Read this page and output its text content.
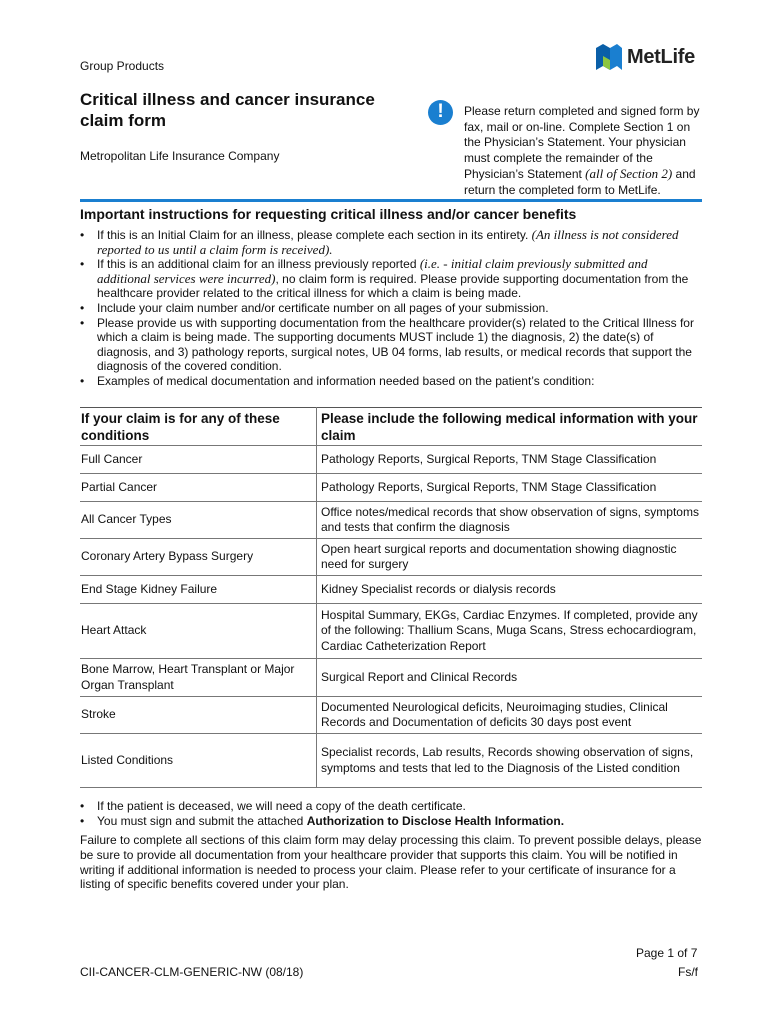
Group Products	MetLife
Critical illness and cancer insurance claim form
Metropolitan Life Insurance Company
!	Please return completed and signed form by fax, mail or on-line. Complete Section 1 on the Physician’s Statement. Your physician must complete the remainder of the Physician’s Statement (all of Section 2) and return the completed form to MetLife.
Important instructions for requesting critical illness and/or cancer benefits
• If this is an Initial Claim for an illness, please complete each section in its entirety. (An illness is not considered reported to us until a claim form is received).
• If this is an additional claim for an illness previously reported (i.e. - initial claim previously submitted and additional services were incurred), no claim form is required. Please provide supporting documentation from the healthcare provider related to the critical illness for which a claim is being made.
• Include your claim number and/or certificate number on all pages of your submission.
• Please provide us with supporting documentation from the healthcare provider(s) related to the Critical Illness for which a claim is being made. The supporting documents MUST include 1) the diagnosis, 2) the date(s) of diagnosis, and 3) pathology reports, surgical notes, UB 04 forms, lab results, or medical records that support the diagnosis of the covered condition.
• Examples of medical documentation and information needed based on the patient’s condition:
If your claim is for any of these conditions	Please include the following medical information with your claim
Full Cancer	Pathology Reports, Surgical Reports, TNM Stage Classification
Partial Cancer	Pathology Reports, Surgical Reports, TNM Stage Classification
All Cancer Types	Office notes/medical records that show observation of signs, symptoms and tests that confirm the diagnosis
Coronary Artery Bypass Surgery	Open heart surgical reports and documentation showing diagnostic need for surgery
End Stage Kidney Failure	Kidney Specialist records or dialysis records
Heart Attack	Hospital Summary, EKGs, Cardiac Enzymes. If completed, provide any of the following: Thallium Scans, Muga Scans, Stress echocardiogram, Cardiac Catheterization Report
Bone Marrow, Heart Transplant or Major Organ Transplant	Surgical Report and Clinical Records
Stroke	Documented Neurological deficits, Neuroimaging studies, Clinical Records and Documentation of deficits 30 days post event
Listed Conditions	Specialist records, Lab results, Records showing observation of signs, symptoms and tests that led to the Diagnosis of the Listed condition
• If the patient is deceased, we will need a copy of the death certificate.
• You must sign and submit the attached Authorization to Disclose Health Information.
Failure to complete all sections of this claim form may delay processing this claim. To prevent possible delays, please be sure to provide all documentation from your healthcare provider that supports this claim. You will be notified in writing if additional information is needed to process your claim. Please refer to your certificate of insurance for a listing of specific benefits covered under your plan.
Page 1 of 7
CII-CANCER-CLM-GENERIC-NW (08/18)	Fs/f
